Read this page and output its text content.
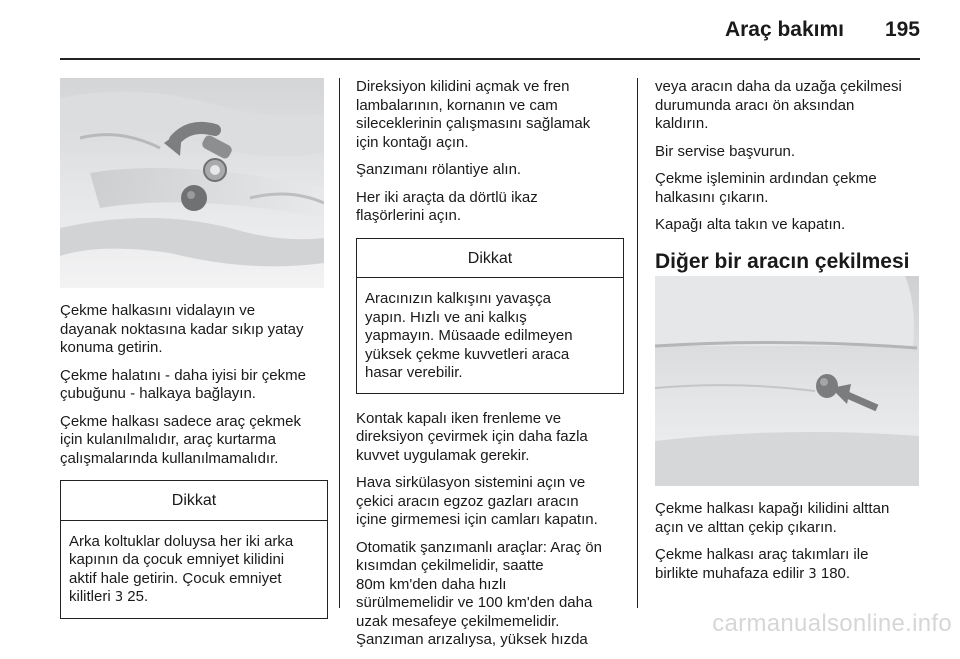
Araç bakımı 195

Çekme halkasını vidalayın ve
dayanak noktasına kadar sıkıp yatay
konuma getirin.

Çekme halatını - daha iyisi bir çekme
çubuğunu - halkaya bağlayın.

Çekme halkası sadece araç çekmek
için kulanılmalıdır, araç kurtarma
çalışmalarında kullanılmamalıdır.

Dikkat
Arka koltuklar doluysa her iki arka
kapının da çocuk emniyet kilidini
aktif hale getirin. Çocuk emniyet
kilitleri 3 25.

Direksiyon kilidini açmak ve fren
lambalarının, kornanın ve cam
sileceklerinin çalışmasını sağlamak
için kontağı açın.

Şanzımanı rölantiye alın.

Her iki araçta da dörtlü ikaz
flaşörlerini açın.

Dikkat
Aracınızın kalkışını yavaşça
yapın. Hızlı ve ani kalkış
yapmayın. Müsaade edilmeyen
yüksek çekme kuvvetleri araca
hasar verebilir.

Kontak kapalı iken frenleme ve
direksiyon çevirmek için daha fazla
kuvvet uygulamak gerekir.

Hava sirkülasyon sistemini açın ve
çekici aracın egzoz gazları aracın
içine girmemesi için camları kapatın.

Otomatik şanzımanlı araçlar: Araç ön
kısımdan çekilmelidir, saatte
80m km'den daha hızlı
sürülmemelidir ve 100 km'den daha
uzak mesafeye çekilmemelidir.
Şanzıman arızalıysa, yüksek hızda

veya aracın daha da uzağa çekilmesi
durumunda aracı ön aksından
kaldırın.

Bir servise başvurun.

Çekme işleminin ardından çekme
halkasını çıkarın.

Kapağı alta takın ve kapatın.

Diğer bir aracın çekilmesi

Çekme halkası kapağı kilidini alttan
açın ve alttan çekip çıkarın.

Çekme halkası araç takımları ile
birlikte muhafaza edilir 3 180.

carmanualsonline.info
